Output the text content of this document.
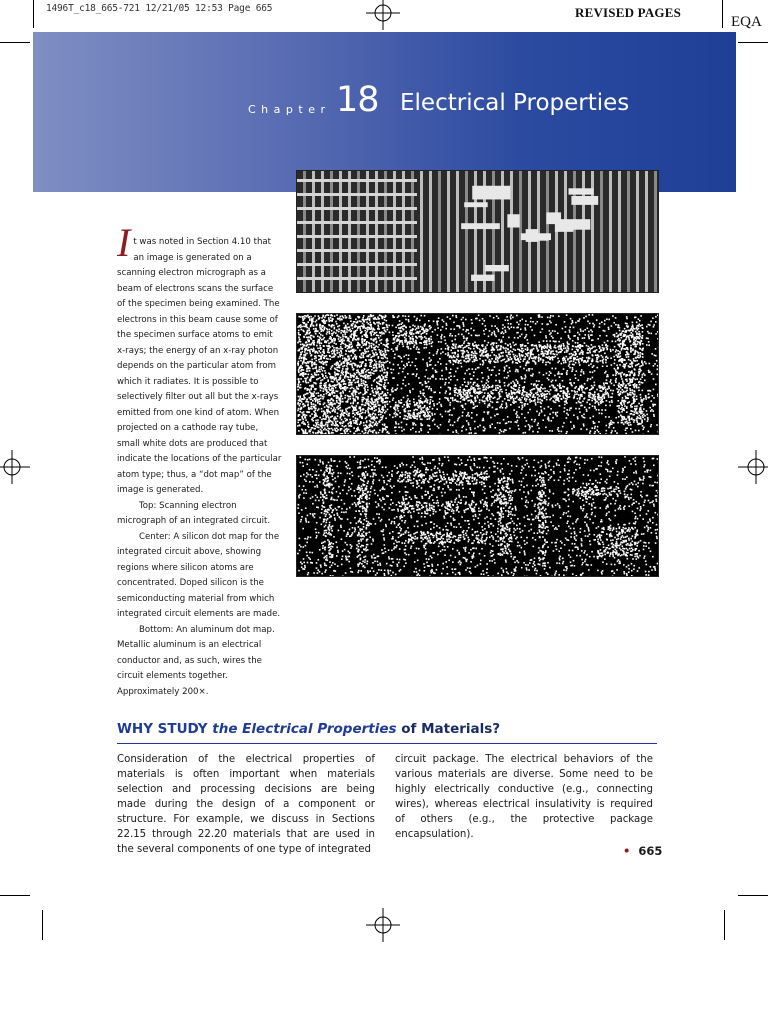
1496T_c18_665-721 12/21/05 12:53 Page 665	REVISED PAGES
EQA
Chapter 18 Electrical Properties

It was noted in Section 4.10 that an image is generated on a scanning electron micrograph as a beam of electrons scans the surface of the specimen being examined. The electrons in this beam cause some of the specimen surface atoms to emit x-rays; the energy of an x-ray photon depends on the particular atom from which it radiates. It is possible to selectively filter out all but the x-rays emitted from one kind of atom. When projected on a cathode ray tube, small white dots are produced that indicate the locations of the particular atom type; thus, a “dot map” of the image is generated.

Top: Scanning electron micrograph of an integrated circuit.

Center: A silicon dot map for the integrated circuit above, showing regions where silicon atoms are concentrated. Doped silicon is the semiconducting material from which integrated circuit elements are made.

Bottom: An aluminum dot map. Metallic aluminum is an electrical conductor and, as such, wires the circuit elements together. Approximately 200×.

WHY STUDY the Electrical Properties of Materials?
Consideration of the electrical properties of materials is often important when materials selection and processing decisions are being made during the design of a component or structure. For example, we discuss in Sections 22.15 through 22.20 materials that are used in the several components of one type of integrated
circuit package. The electrical behaviors of the various materials are diverse. Some need to be highly electrically conductive (e.g., connecting wires), whereas electrical insulativity is required of others (e.g., the protective package encapsulation).
• 665
